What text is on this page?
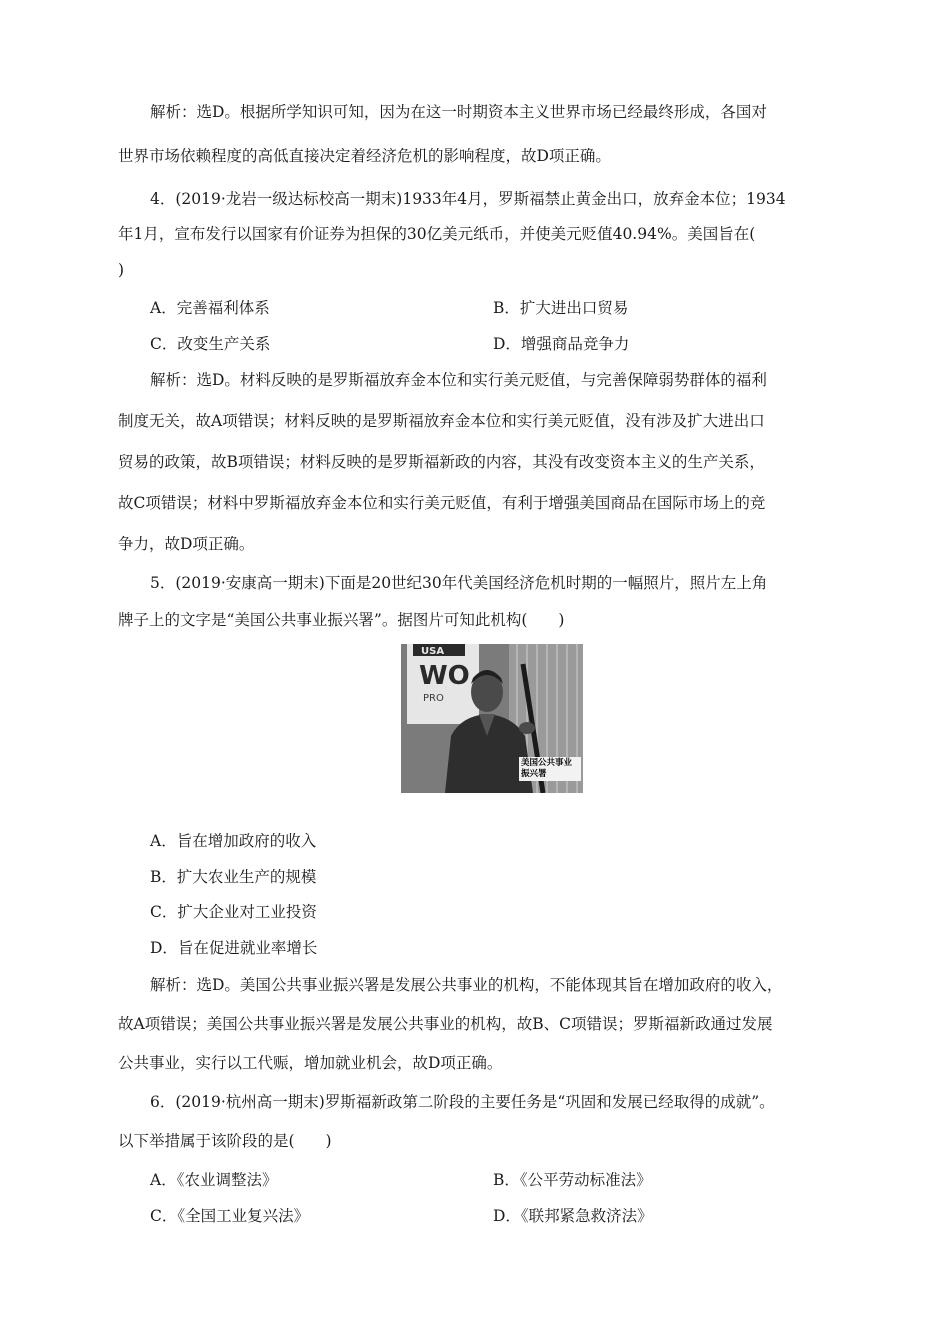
解析：选D。根据所学知识可知，因为在这一时期资本主义世界市场已经最终形成，各国对
世界市场依赖程度的高低直接决定着经济危机的影响程度，故D项正确。
4．(2019·龙岩一级达标校高一期末)1933年4月，罗斯福禁止黄金出口，放弃金本位；1934
年1月，宣布发行以国家有价证券为担保的30亿美元纸币，并使美元贬值40.94%。美国旨在(
)
A．完善福利体系	B．扩大进出口贸易
C．改变生产关系	D．增强商品竞争力
解析：选D。材料反映的是罗斯福放弃金本位和实行美元贬值，与完善保障弱势群体的福利
制度无关，故A项错误；材料反映的是罗斯福放弃金本位和实行美元贬值，没有涉及扩大进出口
贸易的政策，故B项错误；材料反映的是罗斯福新政的内容，其没有改变资本主义的生产关系，
故C项错误；材料中罗斯福放弃金本位和实行美元贬值，有利于增强美国商品在国际市场上的竞
争力，故D项正确。
5．(2019·安康高一期末)下面是20世纪30年代美国经济危机时期的一幅照片，照片左上角
牌子上的文字是“美国公共事业振兴署”。据图片可知此机构(　　)
USA
WO
PRO
美国公共事业振兴署
A．旨在增加政府的收入
B．扩大农业生产的规模
C．扩大企业对工业投资
D．旨在促进就业率增长
解析：选D。美国公共事业振兴署是发展公共事业的机构，不能体现其旨在增加政府的收入，
故A项错误；美国公共事业振兴署是发展公共事业的机构，故B、C项错误；罗斯福新政通过发展
公共事业，实行以工代赈，增加就业机会，故D项正确。
6．(2019·杭州高一期末)罗斯福新政第二阶段的主要任务是“巩固和发展已经取得的成就”。
以下举措属于该阶段的是(　　)
A．《农业调整法》	B．《公平劳动标准法》
C．《全国工业复兴法》	D．《联邦紧急救济法》
